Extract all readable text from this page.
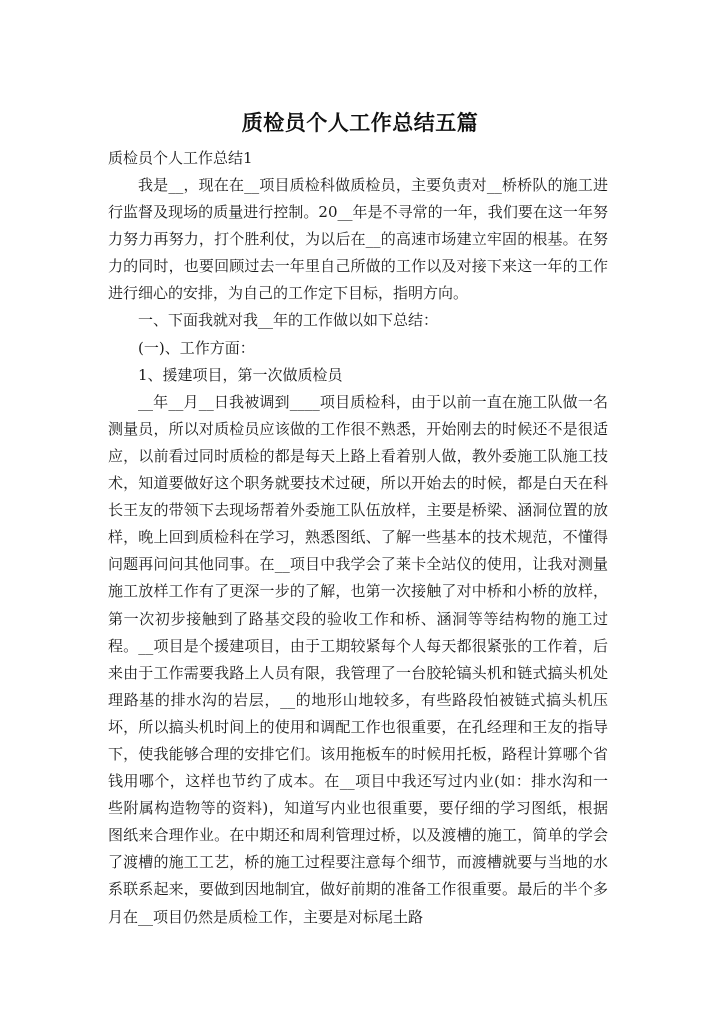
质检员个人工作总结五篇
质检员个人工作总结1

我是__，现在在__项目质检科做质检员，主要负责对__桥桥队的施工进行监督及现场的质量进行控制。20__年是不寻常的一年，我们要在这一年努力努力再努力，打个胜利仗，为以后在__的高速市场建立牢固的根基。在努力的同时，也要回顾过去一年里自己所做的工作以及对接下来这一年的工作进行细心的安排，为自己的工作定下目标，指明方向。

一、下面我就对我__年的工作做以如下总结：

(一)、工作方面：

1、援建项目，第一次做质检员

__年__月__日我被调到____项目质检科，由于以前一直在施工队做一名测量员，所以对质检员应该做的工作很不熟悉，开始刚去的时候还不是很适应，以前看过同时质检的都是每天上路上看着别人做，教外委施工队施工技术，知道要做好这个职务就要技术过硬，所以开始去的时候，都是白天在科长王友的带领下去现场帮着外委施工队伍放样，主要是桥梁、涵洞位置的放样，晚上回到质检科在学习，熟悉图纸、了解一些基本的技术规范，不懂得问题再问问其他同事。在__项目中我学会了莱卡全站仪的使用，让我对测量施工放样工作有了更深一步的了解，也第一次接触了对中桥和小桥的放样，第一次初步接触到了路基交段的验收工作和桥、涵洞等等结构物的施工过程。__项目是个援建项目，由于工期较紧每个人每天都很紧张的工作着，后来由于工作需要我路上人员有限，我管理了一台胶轮镐头机和链式搞头机处理路基的排水沟的岩层，__的地形山地较多，有些路段怕被链式搞头机压坏，所以搞头机时间上的使用和调配工作也很重要，在孔经理和王友的指导下，使我能够合理的安排它们。该用拖板车的时候用托板，路程计算哪个省钱用哪个，这样也节约了成本。在__项目中我还写过内业(如：排水沟和一些附属构造物等的资料)，知道写内业也很重要，要仔细的学习图纸，根据图纸来合理作业。在中期还和周利管理过桥，以及渡槽的施工，简单的学会了渡槽的施工工艺，桥的施工过程要注意每个细节，而渡槽就要与当地的水系联系起来，要做到因地制宜，做好前期的准备工作很重要。最后的半个多月在__项目仍然是质检工作，主要是对标尾土路
